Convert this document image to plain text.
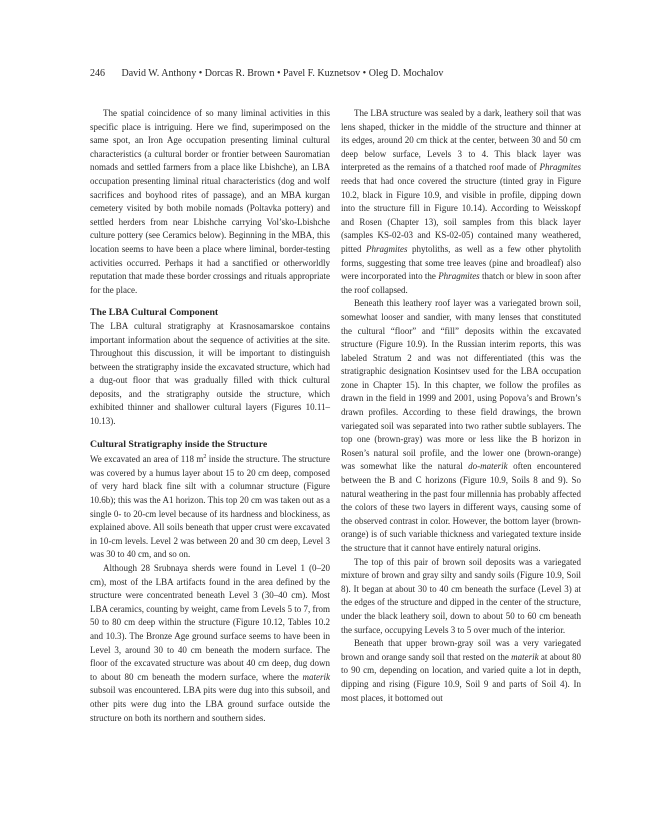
246 David W. Anthony • Dorcas R. Brown • Pavel F. Kuznetsov • Oleg D. Mochalov

The spatial coincidence of so many liminal activities in this specific place is intriguing. Here we find, superimposed on the same spot, an Iron Age occupation presenting liminal cultural characteristics (a cultural border or frontier between Sauromatian nomads and settled farmers from a place like Lbishche), an LBA occupation presenting liminal ritual characteristics (dog and wolf sacrifices and boyhood rites of passage), and an MBA kurgan cemetery visited by both mobile nomads (Poltavka pottery) and settled herders from near Lbishche carrying Vol’sko-Lbishche culture pottery (see Ceramics below). Beginning in the MBA, this location seems to have been a place where liminal, border-testing activities occurred. Perhaps it had a sanctified or otherworldly reputation that made these border crossings and rituals appropriate for the place.

The LBA Cultural Component

The LBA cultural stratigraphy at Krasnosamarskoe contains important information about the sequence of activities at the site. Throughout this discussion, it will be important to distinguish between the stratigraphy inside the excavated structure, which had a dug-out floor that was gradually filled with thick cultural deposits, and the stratigraphy outside the structure, which exhibited thinner and shallower cultural layers (Figures 10.11–10.13).

Cultural Stratigraphy inside the Structure

We excavated an area of 118 $m^2$ inside the structure. The structure was covered by a humus layer about 15 to 20 cm deep, composed of very hard black fine silt with a columnar structure (Figure 10.6b); this was the A1 horizon. This top 20 cm was taken out as a single 0- to 20-cm level because of its hardness and blockiness, as explained above. All soils beneath that upper crust were excavated in 10-cm levels. Level 2 was between 20 and 30 cm deep, Level 3 was 30 to 40 cm, and so on.

Although 28 Srubnaya sherds were found in Level 1 (0–20 cm), most of the LBA artifacts found in the area defined by the structure were concentrated beneath Level 3 (30–40 cm). Most LBA ceramics, counting by weight, came from Levels 5 to 7, from 50 to 80 cm deep within the structure (Figure 10.12, Tables 10.2 and 10.3). The Bronze Age ground surface seems to have been in Level 3, around 30 to 40 cm beneath the modern surface. The floor of the excavated structure was about 40 cm deep, dug down to about 80 cm beneath the modern surface, where the materik subsoil was encountered. LBA pits were dug into this subsoil, and other pits were dug into the LBA ground surface outside the structure on both its northern and southern sides.

The LBA structure was sealed by a dark, leathery soil that was lens shaped, thicker in the middle of the structure and thinner at its edges, around 20 cm thick at the center, between 30 and 50 cm deep below surface, Levels 3 to 4. This black layer was interpreted as the remains of a thatched roof made of Phragmites reeds that had once covered the structure (tinted gray in Figure 10.2, black in Figure 10.9, and visible in profile, dipping down into the structure fill in Figure 10.14). According to Weisskopf and Rosen (Chapter 13), soil samples from this black layer (samples KS-02-03 and KS-02-05) contained many weathered, pitted Phragmites phytoliths, as well as a few other phytolith forms, suggesting that some tree leaves (pine and broadleaf) also were incorporated into the Phragmites thatch or blew in soon after the roof collapsed.

Beneath this leathery roof layer was a variegated brown soil, somewhat looser and sandier, with many lenses that constituted the cultural “floor” and “fill” deposits within the excavated structure (Figure 10.9). In the Russian interim reports, this was labeled Stratum 2 and was not differentiated (this was the stratigraphic designation Kosintsev used for the LBA occupation zone in Chapter 15). In this chapter, we follow the profiles as drawn in the field in 1999 and 2001, using Popova’s and Brown’s drawn profiles. According to these field drawings, the brown variegated soil was separated into two rather subtle sublayers. The top one (brown-gray) was more or less like the B horizon in Rosen’s natural soil profile, and the lower one (brown-orange) was somewhat like the natural do-materik often encountered between the B and C horizons (Figure 10.9, Soils 8 and 9). So natural weathering in the past four millennia has probably affected the colors of these two layers in different ways, causing some of the observed contrast in color. However, the bottom layer (brown-orange) is of such variable thickness and variegated texture inside the structure that it cannot have entirely natural origins.

The top of this pair of brown soil deposits was a variegated mixture of brown and gray silty and sandy soils (Figure 10.9, Soil 8). It began at about 30 to 40 cm beneath the surface (Level 3) at the edges of the structure and dipped in the center of the structure, under the black leathery soil, down to about 50 to 60 cm beneath the surface, occupying Levels 3 to 5 over much of the interior.

Beneath that upper brown-gray soil was a very variegated brown and orange sandy soil that rested on the materik at about 80 to 90 cm, depending on location, and varied quite a lot in depth, dipping and rising (Figure 10.9, Soil 9 and parts of Soil 4). In most places, it bottomed out
